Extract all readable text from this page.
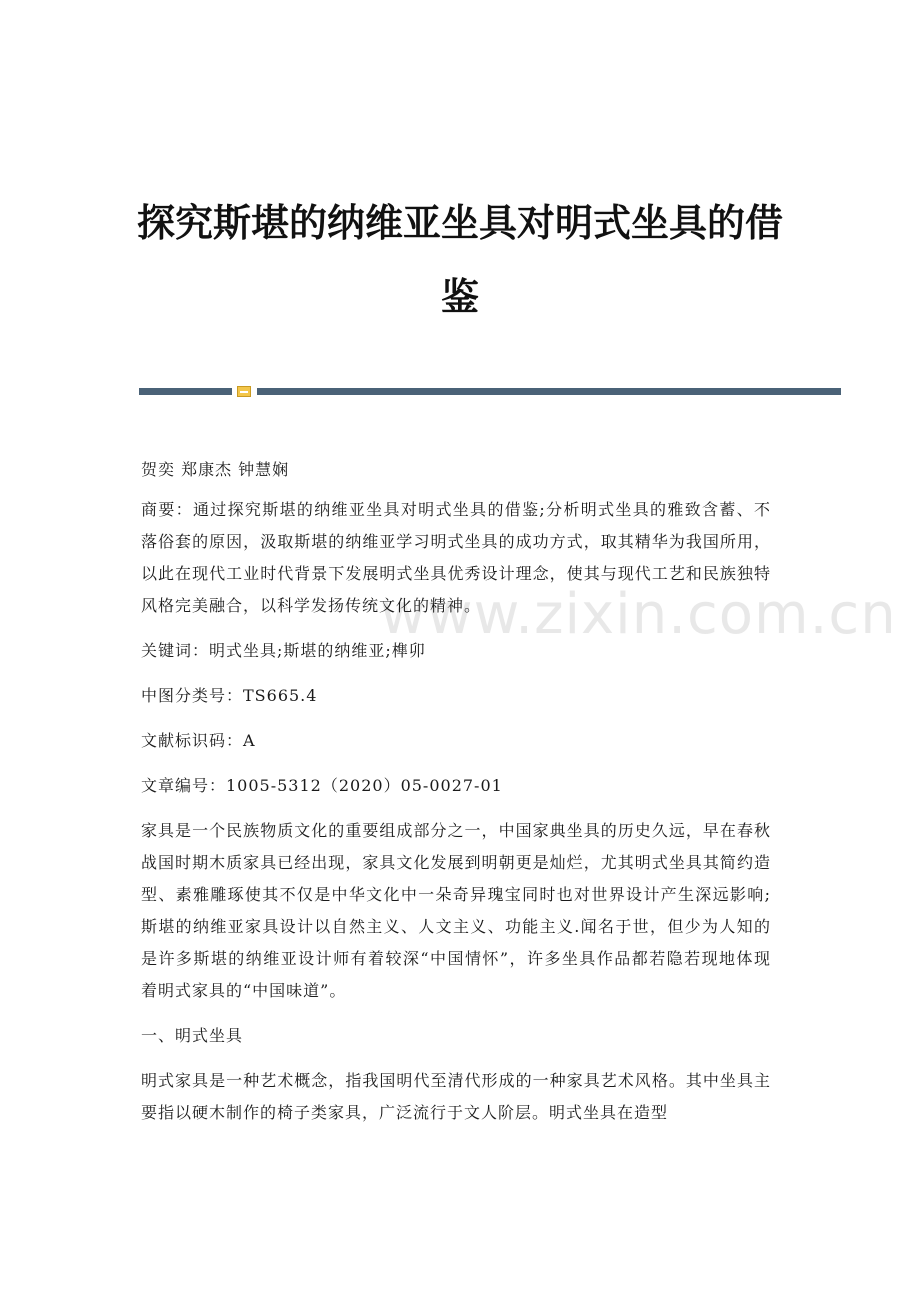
探究斯堪的纳维亚坐具对明式坐具的借
鉴
www.zixin.com.cn

贺奕 郑康杰 钟慧娴

商要：通过探究斯堪的纳维亚坐具对明式坐具的借鉴;分析明式坐具的雅致含蓄、不落俗套的原因，汲取斯堪的纳维亚学习明式坐具的成功方式，取其精华为我国所用，以此在现代工业时代背景下发展明式坐具优秀设计理念，使其与现代工艺和民族独特风格完美融合，以科学发扬传统文化的精神。

关键词：明式坐具;斯堪的纳维亚;榫卯

中图分类号：TS665.4

文献标识码：A

文章编号：1005-5312（2020）05-0027-01

家具是一个民族物质文化的重要组成部分之一，中国家典坐具的历史久远，早在春秋战国时期木质家具已经出现，家具文化发展到明朝更是灿烂，尤其明式坐具其简约造型、素雅雕琢使其不仅是中华文化中一朵奇异瑰宝同时也对世界设计产生深远影响;斯堪的纳维亚家具设计以自然主义、人文主义、功能主义.闻名于世，但少为人知的是许多斯堪的纳维亚设计师有着较深“中国情怀”，许多坐具作品都若隐若现地体现着明式家具的“中国味道”。

一、明式坐具

明式家具是一种艺术概念，指我国明代至清代形成的一种家具艺术风格。其中坐具主要指以硬木制作的椅子类家具，广泛流行于文人阶层。明式坐具在造型
